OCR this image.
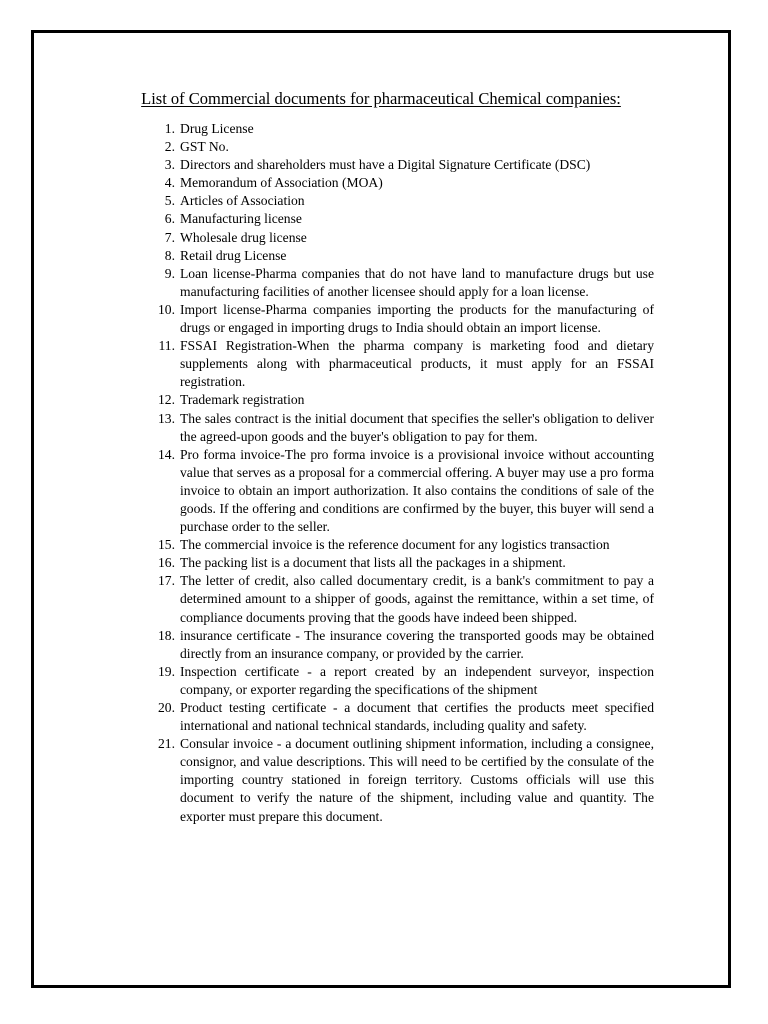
List of Commercial documents for pharmaceutical Chemical companies:
1. Drug License
2. GST No.
3. Directors and shareholders must have a Digital Signature Certificate (DSC)
4. Memorandum of Association (MOA)
5. Articles of Association
6. Manufacturing license
7. Wholesale drug license
8. Retail drug License
9. Loan license-Pharma companies that do not have land to manufacture drugs but use manufacturing facilities of another licensee should apply for a loan license.
10. Import license-Pharma companies importing the products for the manufacturing of drugs or engaged in importing drugs to India should obtain an import license.
11. FSSAI Registration-When the pharma company is marketing food and dietary supplements along with pharmaceutical products, it must apply for an FSSAI registration.
12. Trademark registration
13. The sales contract is the initial document that specifies the seller's obligation to deliver the agreed-upon goods and the buyer's obligation to pay for them.
14. Pro forma invoice-The pro forma invoice is a provisional invoice without accounting value that serves as a proposal for a commercial offering. A buyer may use a pro forma invoice to obtain an import authorization. It also contains the conditions of sale of the goods. If the offering and conditions are confirmed by the buyer, this buyer will send a purchase order to the seller.
15. The commercial invoice is the reference document for any logistics transaction
16. The packing list is a document that lists all the packages in a shipment.
17. The letter of credit, also called documentary credit, is a bank's commitment to pay a determined amount to a shipper of goods, against the remittance, within a set time, of compliance documents proving that the goods have indeed been shipped.
18. insurance certificate - The insurance covering the transported goods may be obtained directly from an insurance company, or provided by the carrier.
19. Inspection certificate - a report created by an independent surveyor, inspection company, or exporter regarding the specifications of the shipment
20. Product testing certificate - a document that certifies the products meet specified international and national technical standards, including quality and safety.
21. Consular invoice - a document outlining shipment information, including a consignee, consignor, and value descriptions. This will need to be certified by the consulate of the importing country stationed in foreign territory. Customs officials will use this document to verify the nature of the shipment, including value and quantity. The exporter must prepare this document.
